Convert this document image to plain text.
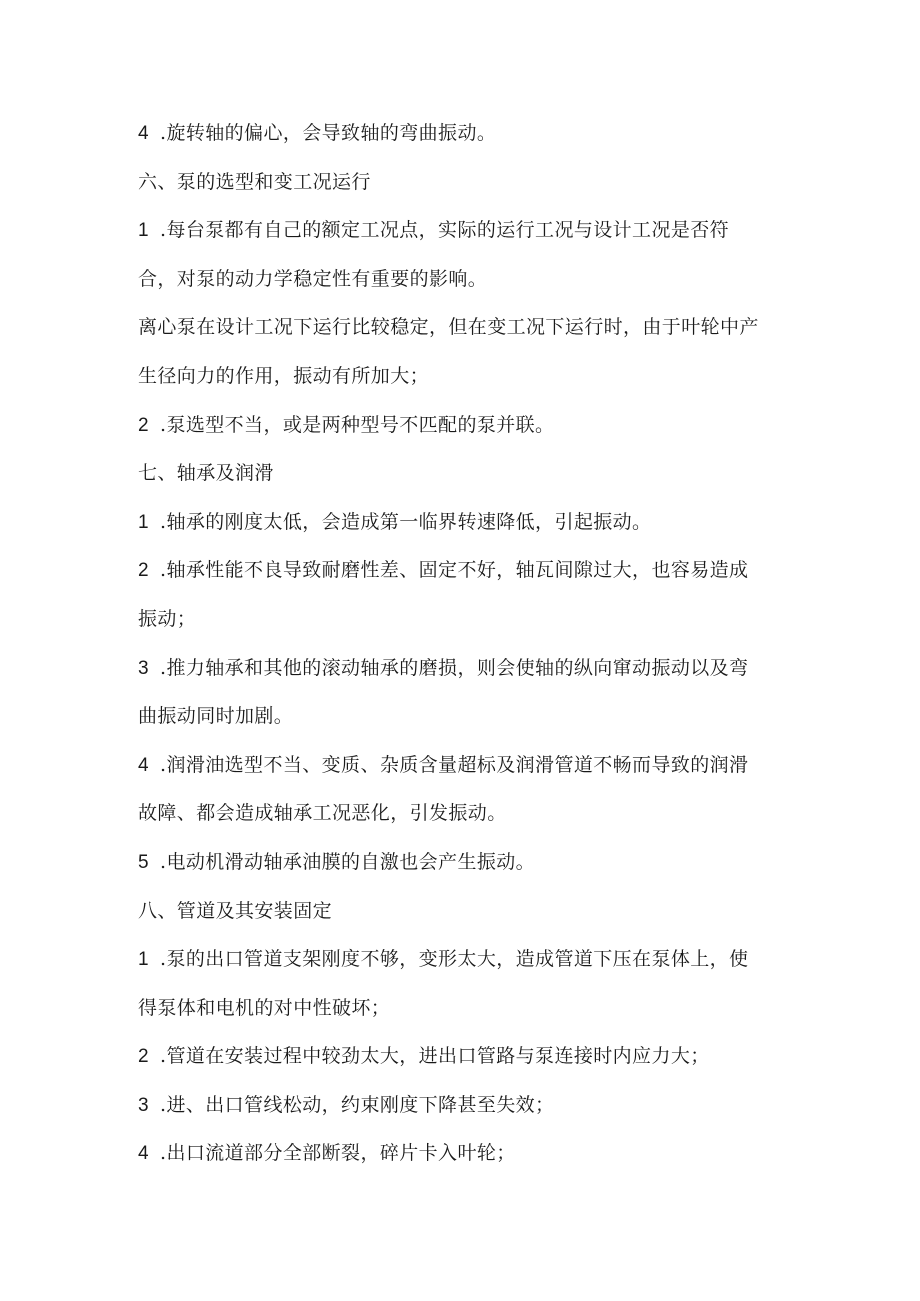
4 .旋转轴的偏心，会导致轴的弯曲振动。
六、泵的选型和变工况运行
1 .每台泵都有自己的额定工况点，实际的运行工况与设计工况是否符
合，对泵的动力学稳定性有重要的影响。
离心泵在设计工况下运行比较稳定，但在变工况下运行时，由于叶轮中产
生径向力的作用，振动有所加大；
2 .泵选型不当，或是两种型号不匹配的泵并联。
七、轴承及润滑
1 .轴承的刚度太低，会造成第一临界转速降低，引起振动。
2 .轴承性能不良导致耐磨性差、固定不好，轴瓦间隙过大，也容易造成
振动；
3 .推力轴承和其他的滚动轴承的磨损，则会使轴的纵向窜动振动以及弯
曲振动同时加剧。
4 .润滑油选型不当、变质、杂质含量超标及润滑管道不畅而导致的润滑
故障、都会造成轴承工况恶化，引发振动。
5 .电动机滑动轴承油膜的自激也会产生振动。
八、管道及其安装固定
1 .泵的出口管道支架刚度不够，变形太大，造成管道下压在泵体上，使
得泵体和电机的对中性破坏；
2 .管道在安装过程中较劲太大，进出口管路与泵连接时内应力大；
3 .进、出口管线松动，约束刚度下降甚至失效；
4 .出口流道部分全部断裂，碎片卡入叶轮；
